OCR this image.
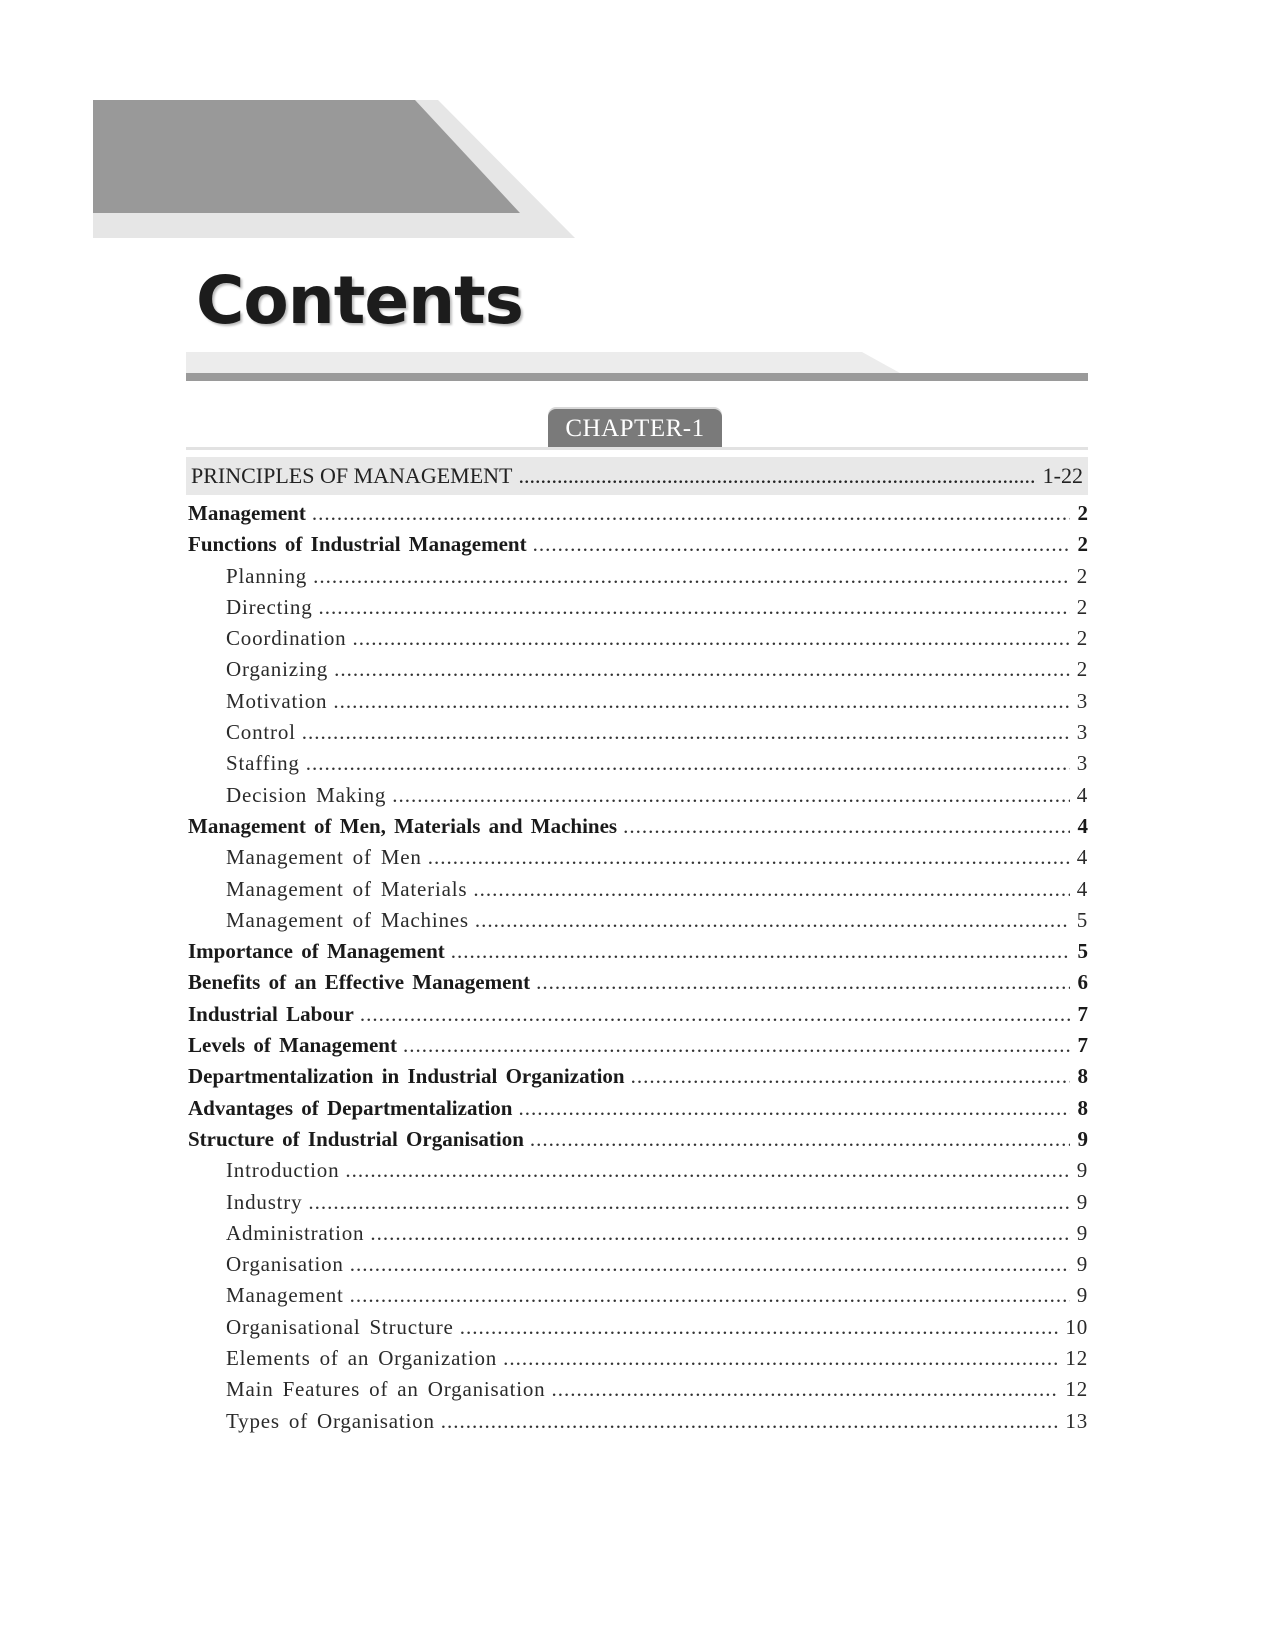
Contents
CHAPTER-1
PRINCIPLES OF MANAGEMENT .....	1-22
Management .....	2
Functions of Industrial Management .....	2
Planning .....	2
Directing .....	2
Coordination .....	2
Organizing .....	2
Motivation .....	3
Control .....	3
Staffing .....	3
Decision Making .....	4
Management of Men, Materials and Machines .....	4
Management of Men .....	4
Management of Materials .....	4
Management of Machines .....	5
Importance of Management .....	5
Benefits of an Effective Management .....	6
Industrial Labour .....	7
Levels of Management .....	7
Departmentalization in Industrial Organization .....	8
Advantages of Departmentalization .....	8
Structure of Industrial Organisation .....	9
Introduction .....	9
Industry .....	9
Administration .....	9
Organisation .....	9
Management .....	9
Organisational Structure .....	10
Elements of an Organization .....	12
Main Features of an Organisation .....	12
Types of Organisation .....	13
